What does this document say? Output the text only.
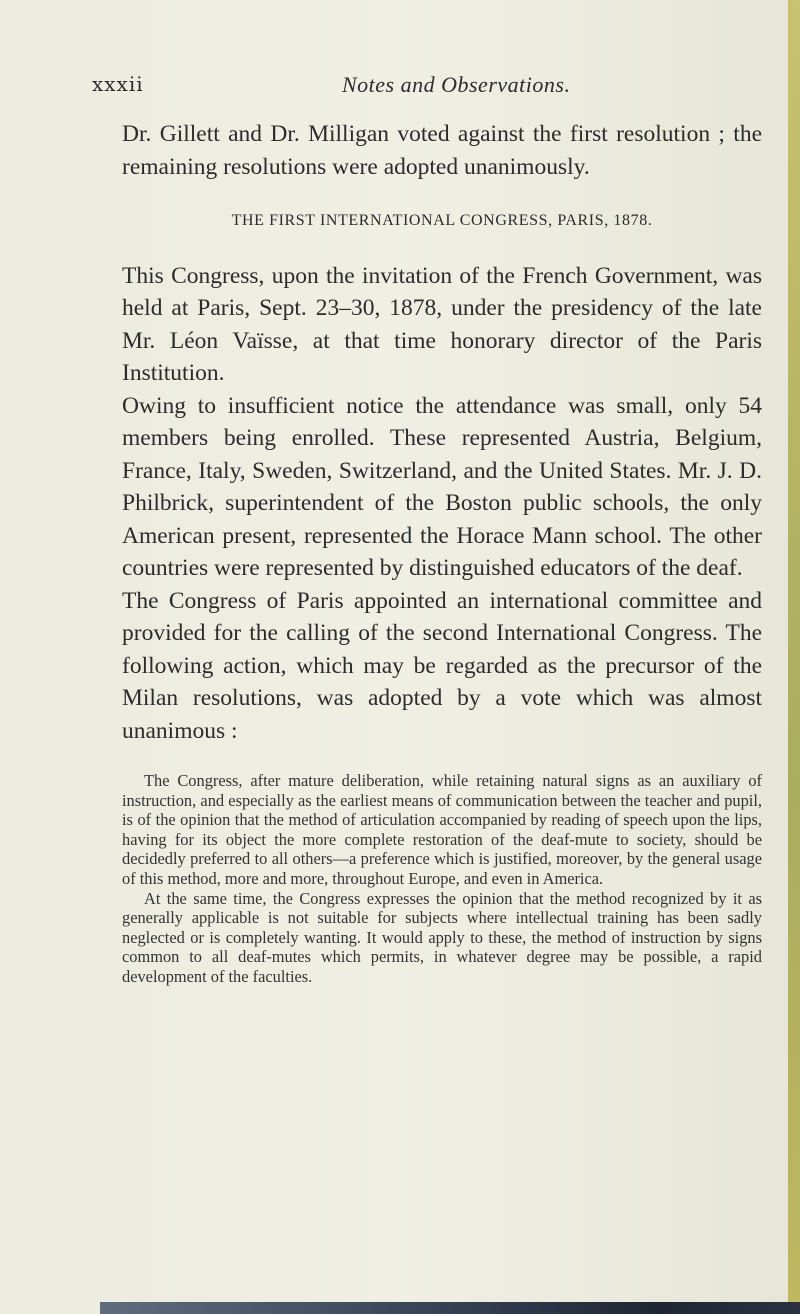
xxxii	Notes and Observations.

Dr. Gillett and Dr. Milligan voted against the first resolution ; the remaining resolutions were adopted unanimously.

THE FIRST INTERNATIONAL CONGRESS, PARIS, 1878.

This Congress, upon the invitation of the French Government, was held at Paris, Sept. 23–30, 1878, under the presidency of the late Mr. Léon Vaïsse, at that time honorary director of the Paris Institution.

Owing to insufficient notice the attendance was small, only 54 members being enrolled. These represented Austria, Belgium, France, Italy, Sweden, Switzerland, and the United States. Mr. J. D. Philbrick, superintendent of the Boston public schools, the only American present, represented the Horace Mann school. The other countries were represented by distinguished educators of the deaf.

The Congress of Paris appointed an international committee and provided for the calling of the second International Congress. The following action, which may be regarded as the precursor of the Milan resolutions, was adopted by a vote which was almost unanimous :

The Congress, after mature deliberation, while retaining natural signs as an auxiliary of instruction, and especially as the earliest means of communication between the teacher and pupil, is of the opinion that the method of articulation accompanied by reading of speech upon the lips, having for its object the more complete restoration of the deaf-mute to society, should be decidedly preferred to all others—a preference which is justified, moreover, by the general usage of this method, more and more, throughout Europe, and even in America.

At the same time, the Congress expresses the opinion that the method recognized by it as generally applicable is not suitable for subjects where intellectual training has been sadly neglected or is completely wanting. It would apply to these, the method of instruction by signs common to all deaf-mutes which permits, in whatever degree may be possible, a rapid development of the faculties.
